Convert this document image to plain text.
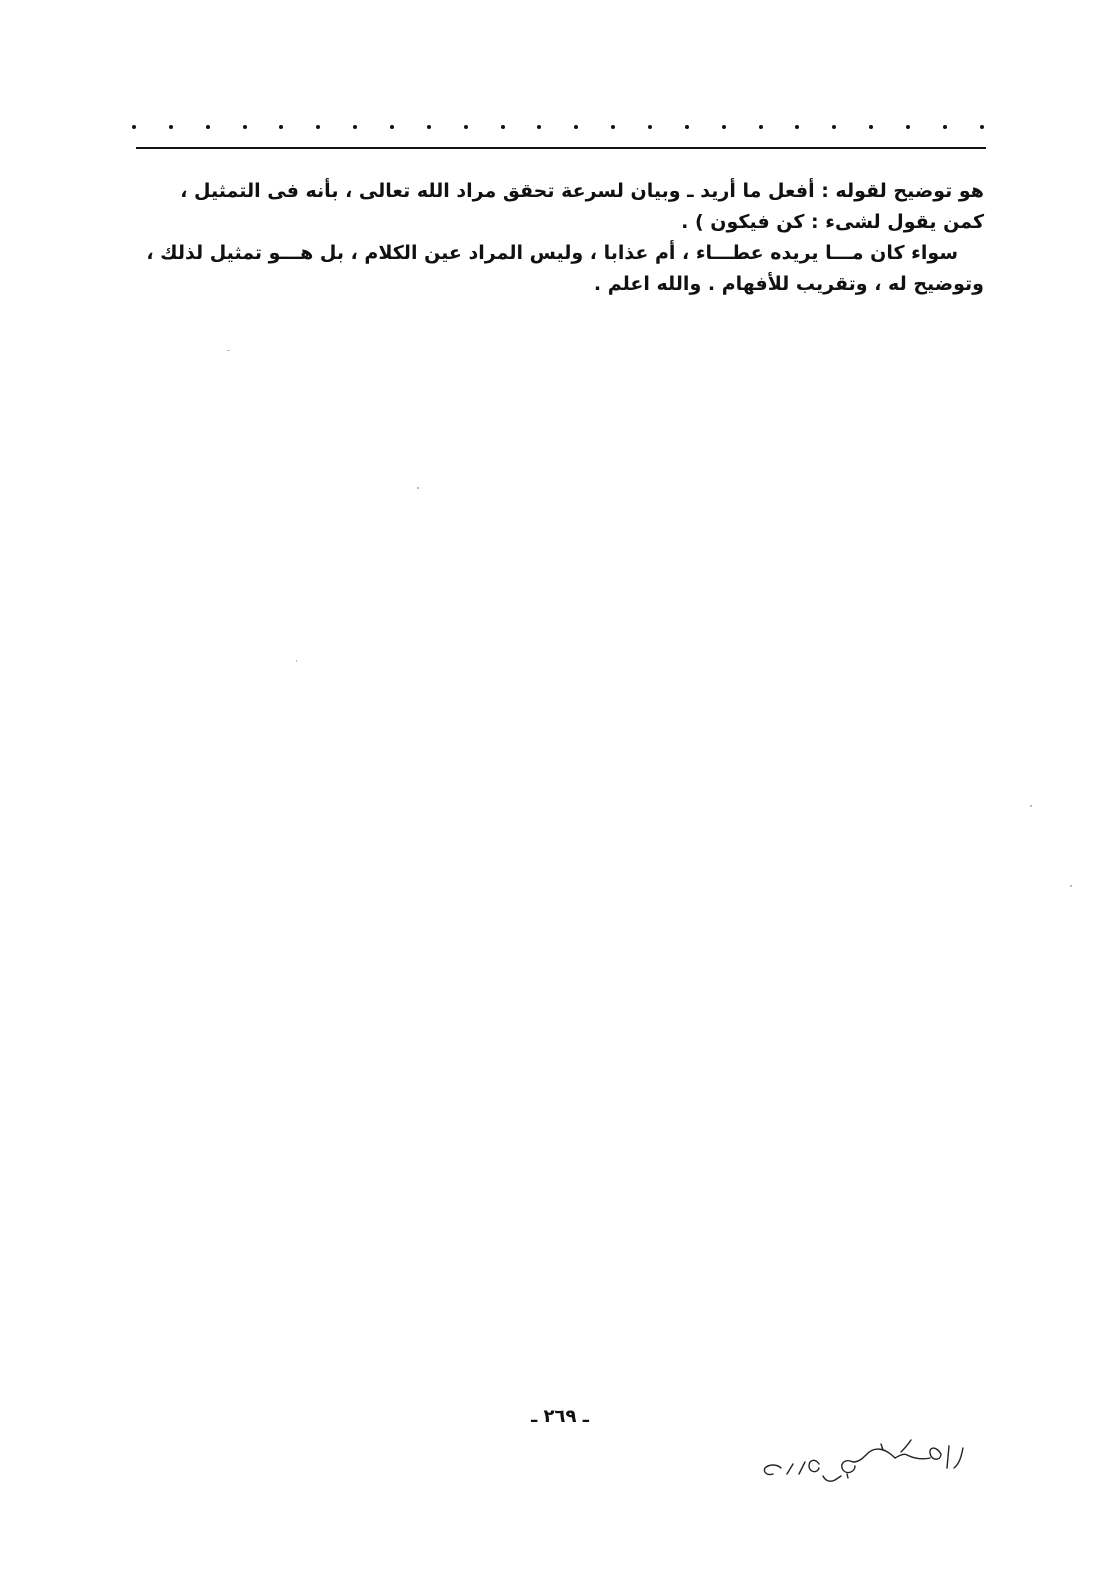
هو توضيح لقوله : أفعل ما أريد ـ وبيان لسرعة تحقق مراد الله تعالى ، بأنه فى التمثيل ،
كمن يقول لشىء : كن فيكون ) .

سواء كان مـــا يريده عطـــاء ، أم عذابا ، وليس المراد عين الكلام ، بل هـــو تمثيل لذلك ،
وتوضيح له ، وتقريب للأفهام . والله اعلم .

ـ ٢٦٩ ـ
